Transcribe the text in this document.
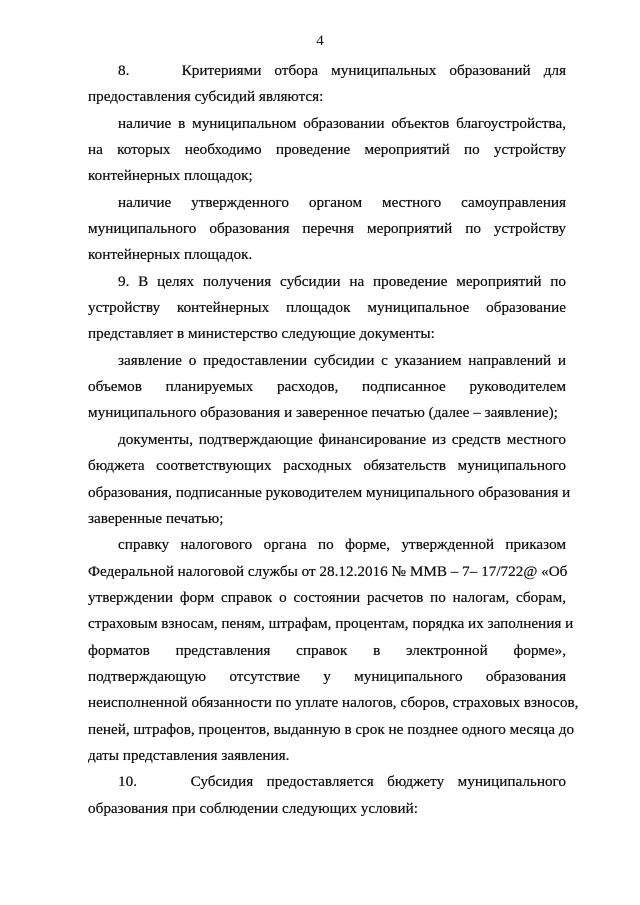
4
8.    Критериями отбора муниципальных образований для
предоставления субсидий являются:
наличие в муниципальном образовании объектов благоустройства,
на которых необходимо проведение мероприятий по устройству
контейнерных площадок;
наличие утвержденного органом местного самоуправления
муниципального образования перечня мероприятий по устройству
контейнерных площадок.
9. В целях получения субсидии на проведение мероприятий по
устройству контейнерных площадок муниципальное образование
представляет в министерство следующие документы:
заявление о предоставлении субсидии с указанием направлений и
объемов планируемых расходов, подписанное руководителем
муниципального образования и заверенное печатью (далее – заявление);
документы, подтверждающие финансирование из средств местного
бюджета соответствующих расходных обязательств муниципального
образования, подписанные руководителем муниципального образования и
заверенные печатью;
справку налогового органа по форме, утвержденной приказом
Федеральной налоговой службы от 28.12.2016 № ММВ – 7– 17/722@ «Об
утверждении форм справок о состоянии расчетов по налогам, сборам,
страховым взносам, пеням, штрафам, процентам, порядка их заполнения и
форматов представления справок в электронной форме»,
подтверждающую отсутствие у муниципального образования
неисполненной обязанности по уплате налогов, сборов, страховых взносов,
пеней, штрафов, процентов, выданную в срок не позднее одного месяца до
даты представления заявления.
10.    Субсидия предоставляется бюджету муниципального
образования при соблюдении следующих условий:
